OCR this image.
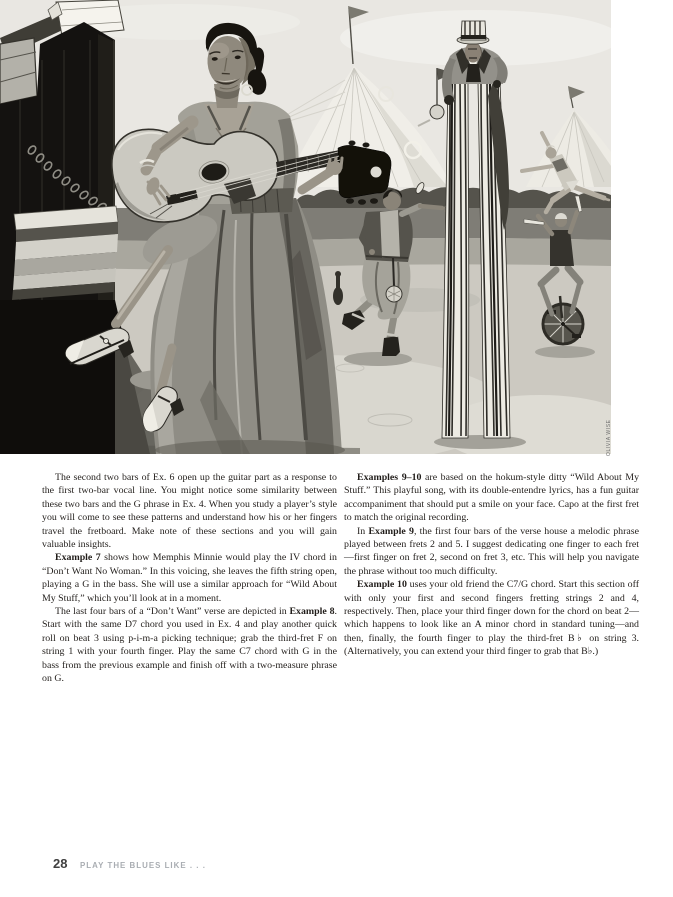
OLIVIA WISE

The second two bars of Ex. 6 open up the guitar part as a response to the first two-bar vocal line. You might notice some similarity between these two bars and the G phrase in Ex. 4. When you study a player’s style you will come to see these patterns and understand how his or her fingers travel the fretboard. Make note of these sections and you will gain valuable insights.

Example 7 shows how Memphis Minnie would play the IV chord in “Don’t Want No Woman.” In this voicing, she leaves the fifth string open, playing a G in the bass. She will use a similar approach for “Wild About My Stuff,” which you’ll look at in a moment.

The last four bars of a “Don’t Want” verse are depicted in Example 8. Start with the same D7 chord you used in Ex. 4 and play another quick roll on beat 3 using p-i-m-a picking technique; grab the third-fret F on string 1 with your fourth finger. Play the same C7 chord with G in the bass from the previous example and finish off with a two-measure phrase on G.

Examples 9–10 are based on the hokum-style ditty “Wild About My Stuff.” This playful song, with its double-entendre lyrics, has a fun guitar accompaniment that should put a smile on your face. Capo at the first fret to match the original recording.

In Example 9, the first four bars of the verse house a melodic phrase played between frets 2 and 5. I suggest dedicating one finger to each fret—first finger on fret 2, second on fret 3, etc. This will help you navigate the phrase without too much difficulty.

Example 10 uses your old friend the C7/G chord. Start this section off with only your first and second fingers fretting strings 2 and 4, respectively. Then, place your third finger down for the chord on beat 2—which happens to look like an A minor chord in standard tuning—and then, finally, the fourth finger to play the third-fret B♭ on string 3. (Alternatively, you can extend your third finger to grab that B♭.)

28 PLAY THE BLUES LIKE . . .
